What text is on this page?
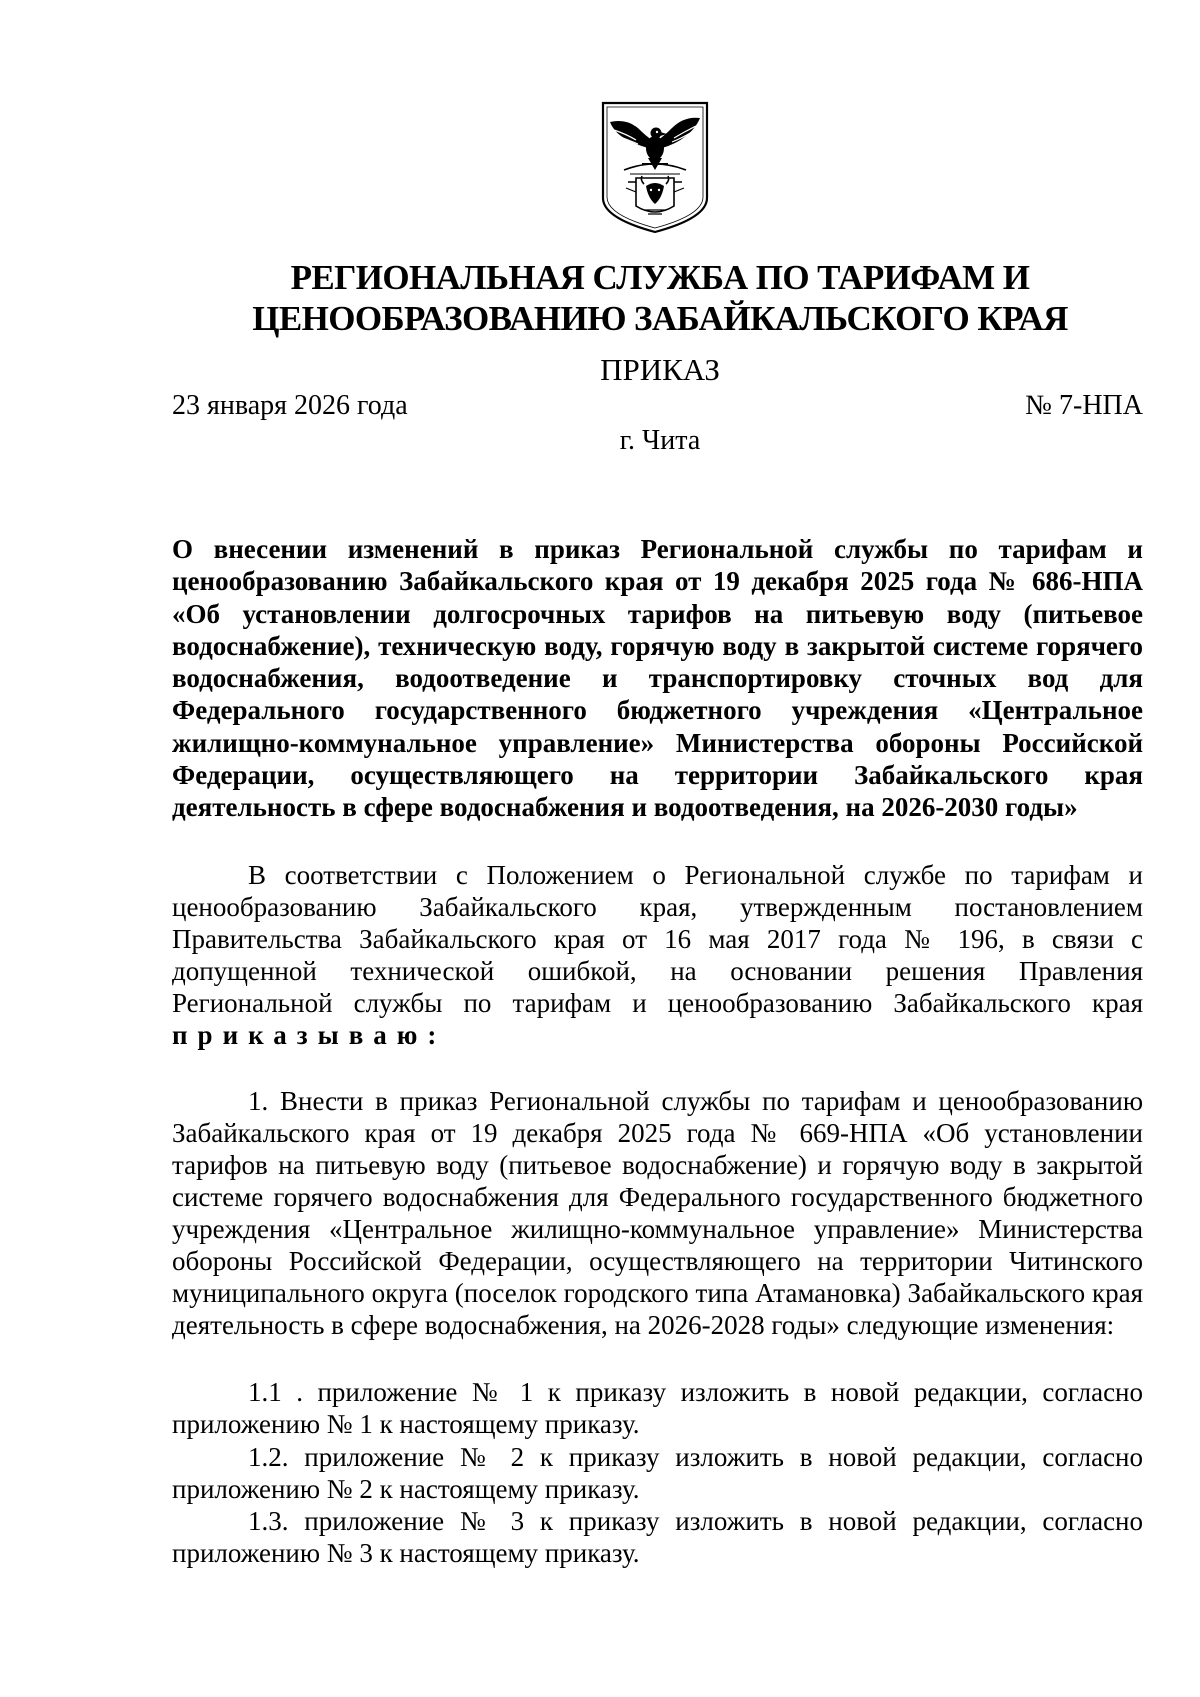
РЕГИОНАЛЬНАЯ СЛУЖБА ПО ТАРИФАМ И ЦЕНООБРАЗОВАНИЮ ЗАБАЙКАЛЬСКОГО КРАЯ
ПРИКАЗ
23 января 2026 года	№ 7-НПА
г. Чита

О внесении изменений в приказ Региональной службы по тарифам и ценообразованию Забайкальского края от 19 декабря 2025 года № 686-НПА «Об установлении долгосрочных тарифов на питьевую воду (питьевое водоснабжение), техническую воду, горячую воду в закрытой системе горячего водоснабжения, водоотведение и транспортировку сточных вод для Федерального государственного бюджетного учреждения «Центральное жилищно-коммунальное управление» Министерства обороны Российской Федерации, осуществляющего на территории Забайкальского края деятельность в сфере водоснабжения и водоотведения, на 2026-2030 годы»

В соответствии с Положением о Региональной службе по тарифам и ценообразованию Забайкальского края, утвержденным постановлением Правительства Забайкальского края от 16 мая 2017 года № 196, в связи с допущенной технической ошибкой, на основании решения Правления Региональной службы по тарифам и ценообразованию Забайкальского края приказываю:

1. Внести в приказ Региональной службы по тарифам и ценообразованию Забайкальского края от 19 декабря 2025 года № 669-НПА «Об установлении тарифов на питьевую воду (питьевое водоснабжение) и горячую воду в закрытой системе горячего водоснабжения для Федерального государственного бюджетного учреждения «Центральное жилищно-коммунальное управление» Министерства обороны Российской Федерации, осуществляющего на территории Читинского муниципального округа (поселок городского типа Атамановка) Забайкальского края деятельность в сфере водоснабжения, на 2026-2028 годы» следующие изменения:

1.1 . приложение № 1 к приказу изложить в новой редакции, согласно приложению № 1 к настоящему приказу.

1.2. приложение № 2 к приказу изложить в новой редакции, согласно приложению № 2 к настоящему приказу.

1.3. приложение № 3 к приказу изложить в новой редакции, согласно приложению № 3 к настоящему приказу.
